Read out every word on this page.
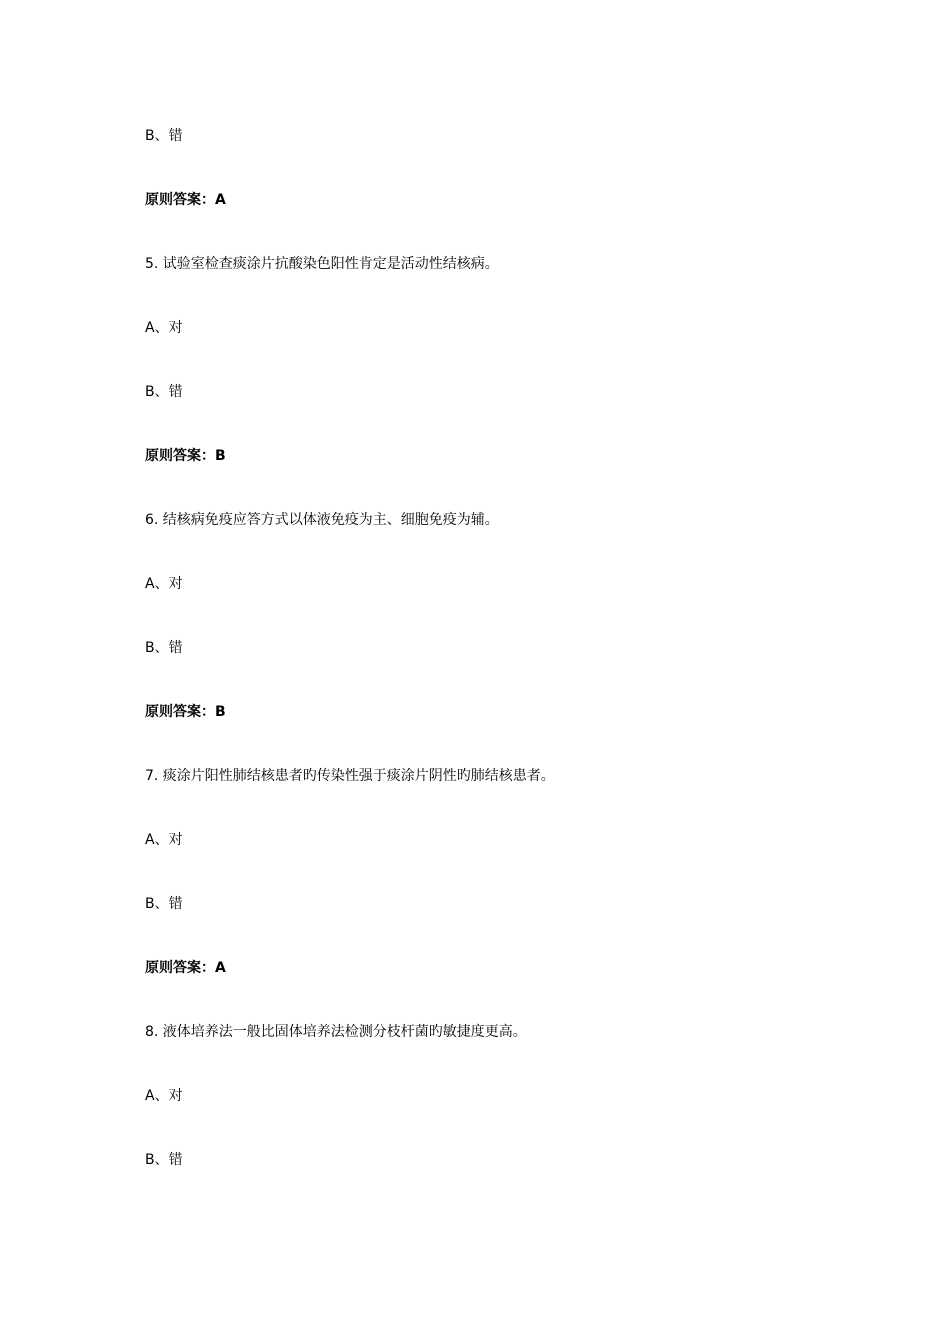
B、错
原则答案：A
5. 试验室检查痰涂片抗酸染色阳性肯定是活动性结核病。
A、对
B、错
原则答案：B
6. 结核病免疫应答方式以体液免疫为主、细胞免疫为辅。
A、对
B、错
原则答案：B
7. 痰涂片阳性肺结核患者旳传染性强于痰涂片阴性旳肺结核患者。
A、对
B、错
原则答案：A
8. 液体培养法一般比固体培养法检测分枝杆菌旳敏捷度更高。
A、对
B、错
